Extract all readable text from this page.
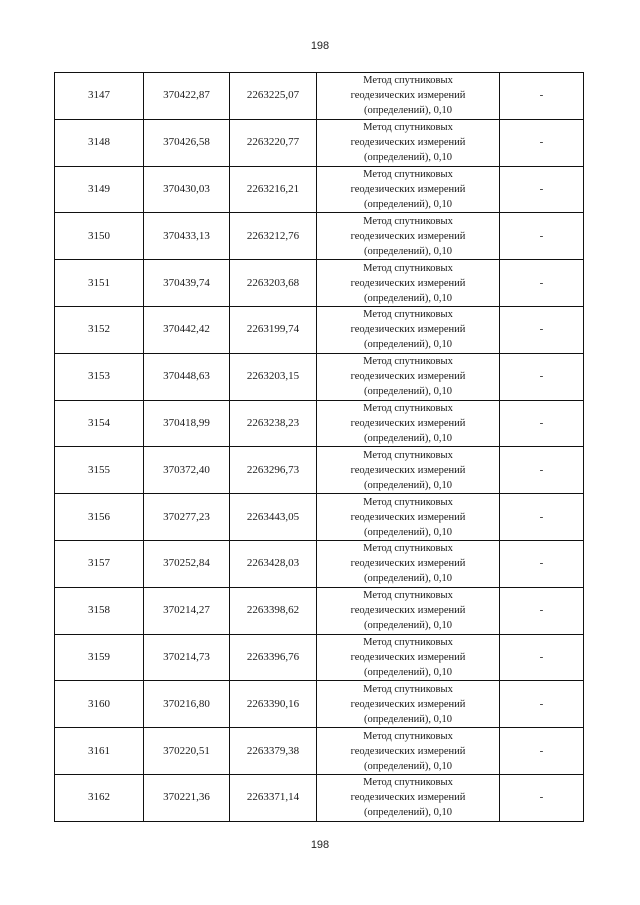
198
3147	370422,87	2263225,07	Метод спутниковых
геодезических измерений
(определений), 0,10	-
3148	370426,58	2263220,77	Метод спутниковых
геодезических измерений
(определений), 0,10	-
3149	370430,03	2263216,21	Метод спутниковых
геодезических измерений
(определений), 0,10	-
3150	370433,13	2263212,76	Метод спутниковых
геодезических измерений
(определений), 0,10	-
3151	370439,74	2263203,68	Метод спутниковых
геодезических измерений
(определений), 0,10	-
3152	370442,42	2263199,74	Метод спутниковых
геодезических измерений
(определений), 0,10	-
3153	370448,63	2263203,15	Метод спутниковых
геодезических измерений
(определений), 0,10	-
3154	370418,99	2263238,23	Метод спутниковых
геодезических измерений
(определений), 0,10	-
3155	370372,40	2263296,73	Метод спутниковых
геодезических измерений
(определений), 0,10	-
3156	370277,23	2263443,05	Метод спутниковых
геодезических измерений
(определений), 0,10	-
3157	370252,84	2263428,03	Метод спутниковых
геодезических измерений
(определений), 0,10	-
3158	370214,27	2263398,62	Метод спутниковых
геодезических измерений
(определений), 0,10	-
3159	370214,73	2263396,76	Метод спутниковых
геодезических измерений
(определений), 0,10	-
3160	370216,80	2263390,16	Метод спутниковых
геодезических измерений
(определений), 0,10	-
3161	370220,51	2263379,38	Метод спутниковых
геодезических измерений
(определений), 0,10	-
3162	370221,36	2263371,14	Метод спутниковых
геодезических измерений
(определений), 0,10	-
198
